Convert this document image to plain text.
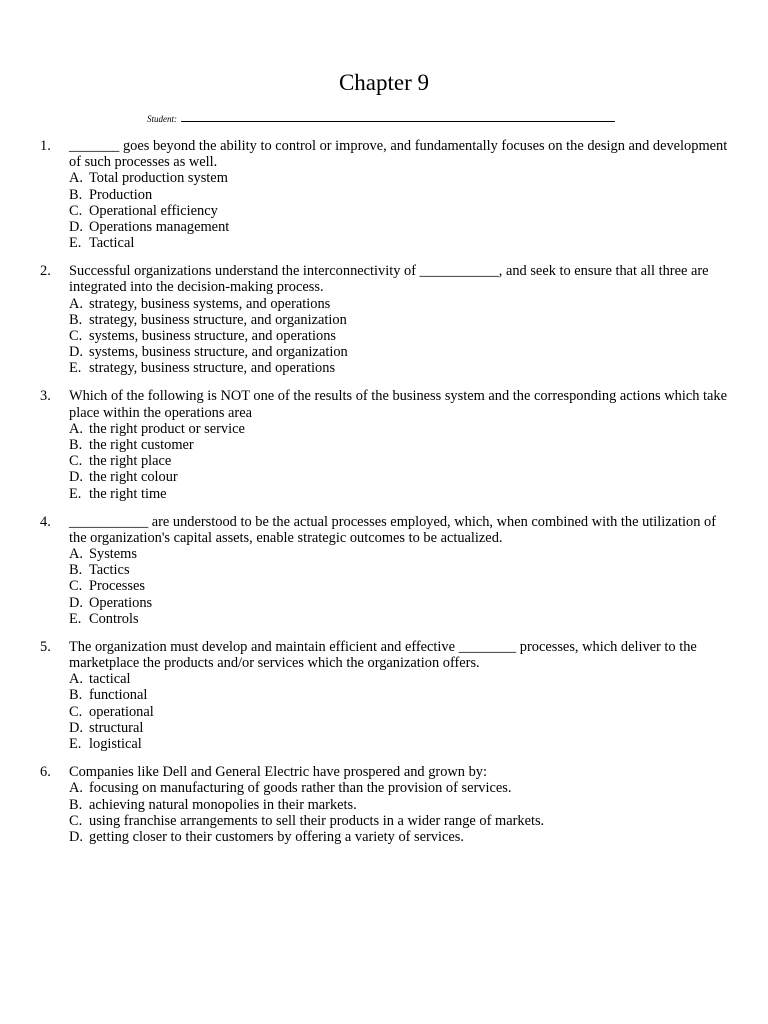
Chapter 9
Student:
1. _______ goes beyond the ability to control or improve, and fundamentally focuses on the design and development of such processes as well.
A. Total production system
B. Production
C. Operational efficiency
D. Operations management
E. Tactical
2. Successful organizations understand the interconnectivity of ___________, and seek to ensure that all three are integrated into the decision-making process.
A. strategy, business systems, and operations
B. strategy, business structure, and organization
C. systems, business structure, and operations
D. systems, business structure, and organization
E. strategy, business structure, and operations
3. Which of the following is NOT one of the results of the business system and the corresponding actions which take place within the operations area
A. the right product or service
B. the right customer
C. the right place
D. the right colour
E. the right time
4. ___________ are understood to be the actual processes employed, which, when combined with the utilization of the organization's capital assets, enable strategic outcomes to be actualized.
A. Systems
B. Tactics
C. Processes
D. Operations
E. Controls
5. The organization must develop and maintain efficient and effective ________ processes, which deliver to the marketplace the products and/or services which the organization offers.
A. tactical
B. functional
C. operational
D. structural
E. logistical
6. Companies like Dell and General Electric have prospered and grown by:
A. focusing on manufacturing of goods rather than the provision of services.
B. achieving natural monopolies in their markets.
C. using franchise arrangements to sell their products in a wider range of markets.
D. getting closer to their customers by offering a variety of services.
